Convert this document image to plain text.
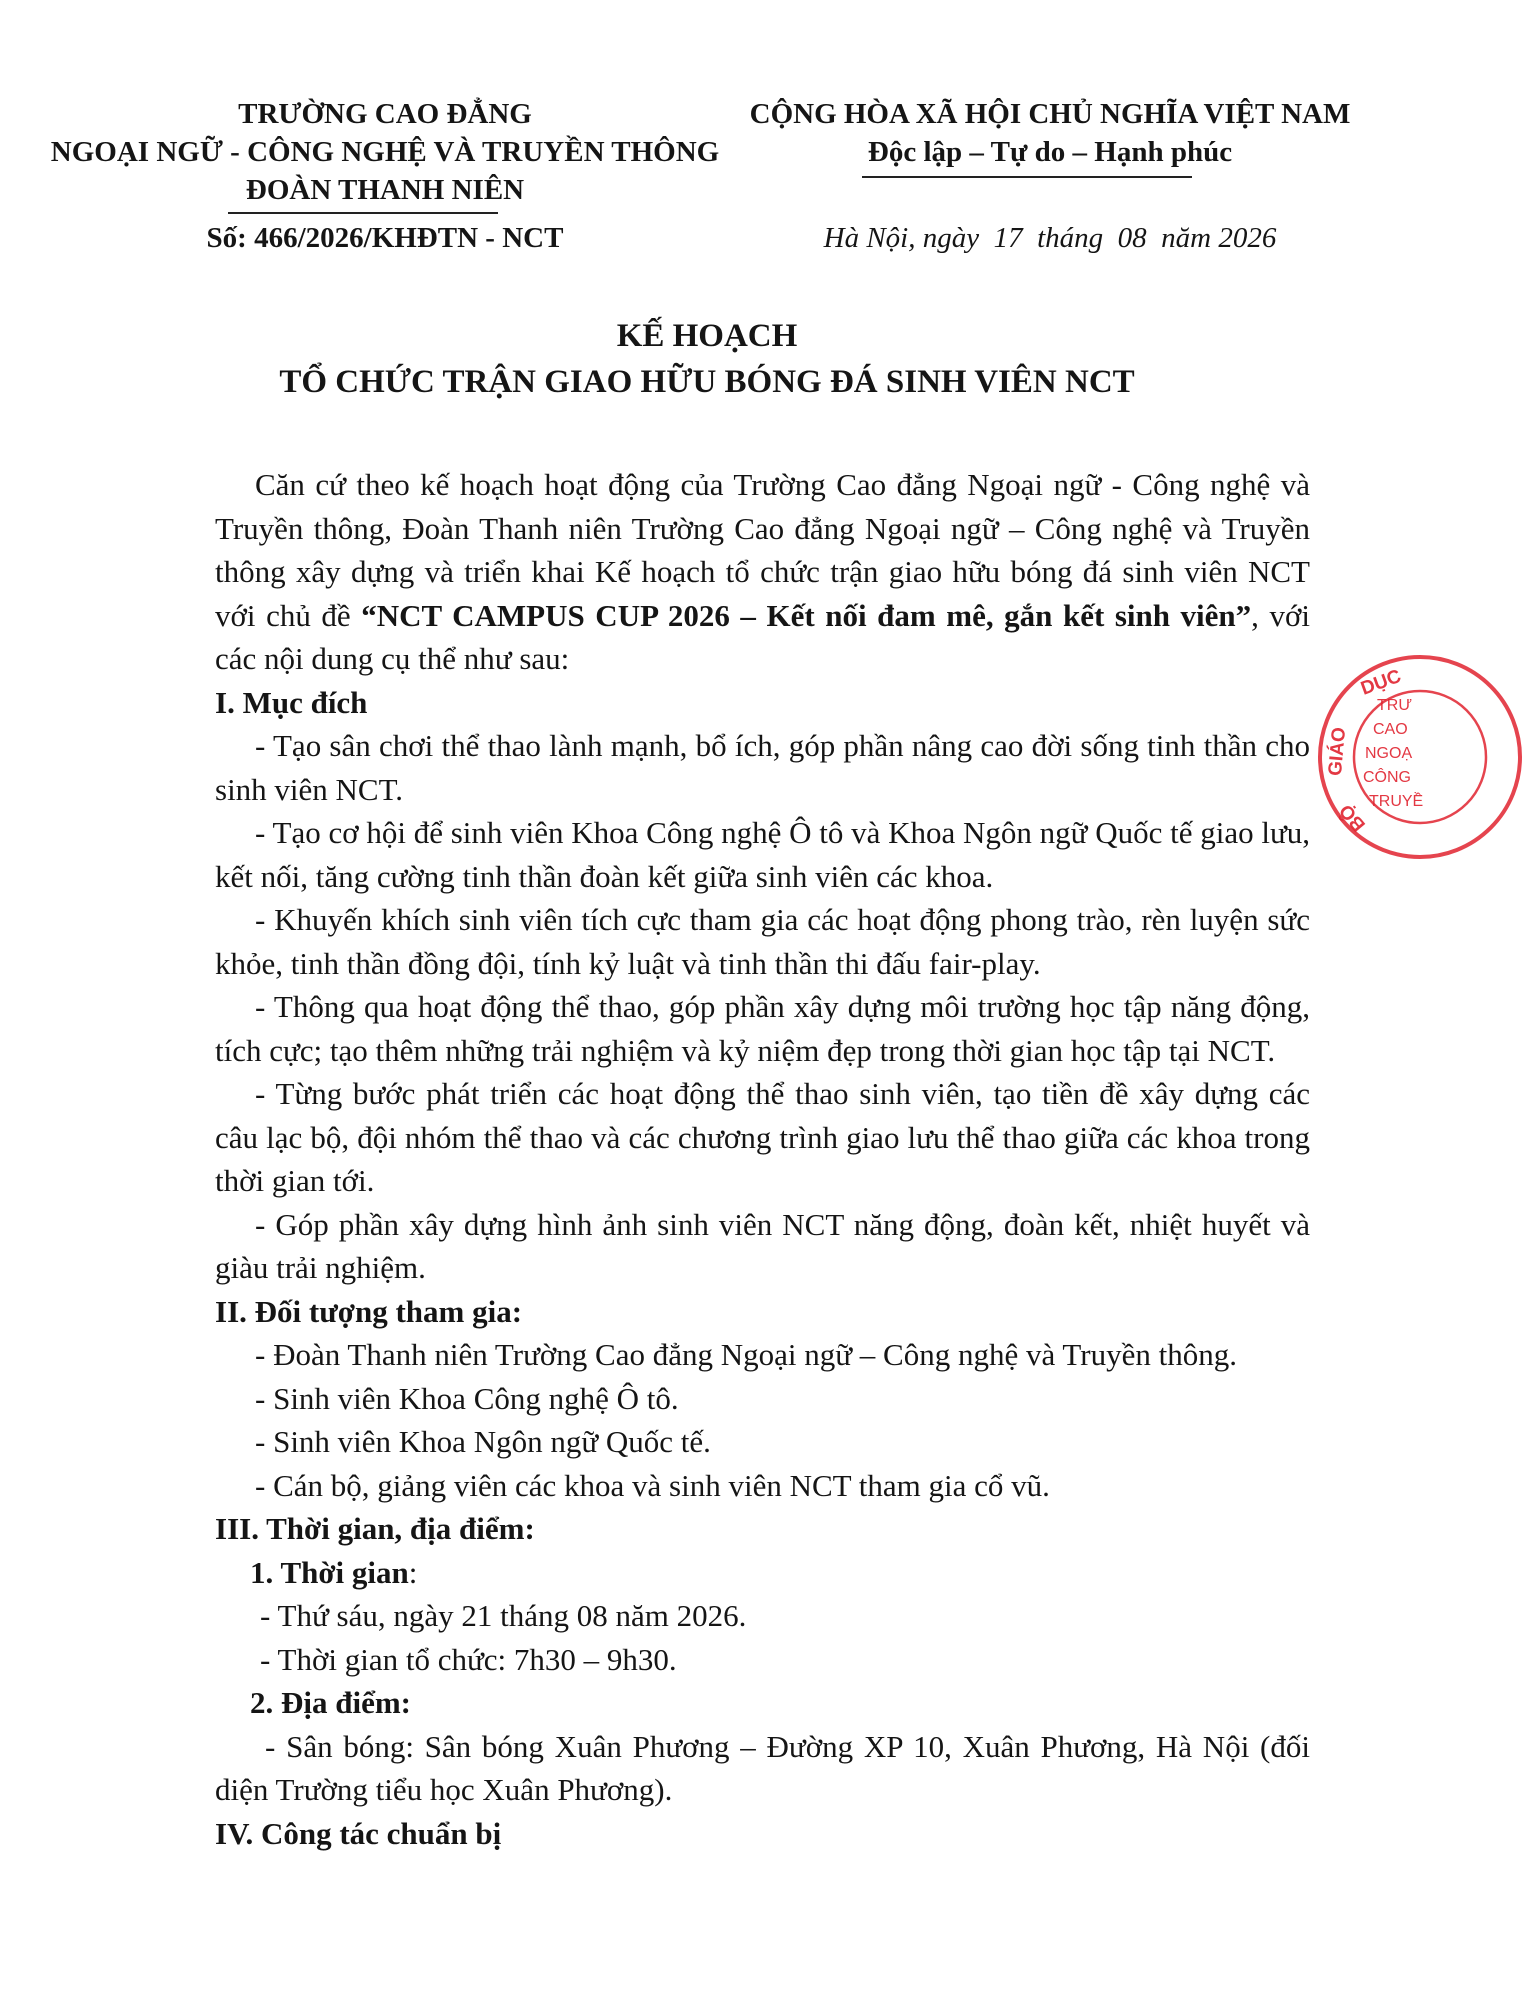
TRƯỜNG CAO ĐẲNG
NGOẠI NGỮ - CÔNG NGHỆ VÀ TRUYỀN THÔNG
ĐOÀN THANH NIÊN
Số: 466/2026/KHĐTN - NCT
CỘNG HÒA XÃ HỘI CHỦ NGHĨA VIỆT NAM
Độc lập – Tự do – Hạnh phúc
Hà Nội, ngày  17  tháng  08  năm 2026
KẾ HOẠCH
TỔ CHỨC TRẬN GIAO HỮU BÓNG ĐÁ SINH VIÊN NCT

Căn cứ theo kế hoạch hoạt động của Trường Cao đẳng Ngoại ngữ - Công nghệ và Truyền thông, Đoàn Thanh niên Trường Cao đẳng Ngoại ngữ – Công nghệ và Truyền thông xây dựng và triển khai Kế hoạch tổ chức trận giao hữu bóng đá sinh viên NCT với chủ đề “NCT CAMPUS CUP 2026 – Kết nối đam mê, gắn kết sinh viên”, với các nội dung cụ thể như sau:

I. Mục đích

- Tạo sân chơi thể thao lành mạnh, bổ ích, góp phần nâng cao đời sống tinh thần cho sinh viên NCT.

- Tạo cơ hội để sinh viên Khoa Công nghệ Ô tô và Khoa Ngôn ngữ Quốc tế giao lưu, kết nối, tăng cường tinh thần đoàn kết giữa sinh viên các khoa.

- Khuyến khích sinh viên tích cực tham gia các hoạt động phong trào, rèn luyện sức khỏe, tinh thần đồng đội, tính kỷ luật và tinh thần thi đấu fair-play.

- Thông qua hoạt động thể thao, góp phần xây dựng môi trường học tập năng động, tích cực; tạo thêm những trải nghiệm và kỷ niệm đẹp trong thời gian học tập tại NCT.

- Từng bước phát triển các hoạt động thể thao sinh viên, tạo tiền đề xây dựng các câu lạc bộ, đội nhóm thể thao và các chương trình giao lưu thể thao giữa các khoa trong thời gian tới.

- Góp phần xây dựng hình ảnh sinh viên NCT năng động, đoàn kết, nhiệt huyết và giàu trải nghiệm.

II. Đối tượng tham gia:

- Đoàn Thanh niên Trường Cao đẳng Ngoại ngữ – Công nghệ và Truyền thông.

- Sinh viên Khoa Công nghệ Ô tô.

- Sinh viên Khoa Ngôn ngữ Quốc tế.

- Cán bộ, giảng viên các khoa và sinh viên NCT tham gia cổ vũ.

III. Thời gian, địa điểm:

1. Thời gian:

- Thứ sáu, ngày 21 tháng 08 năm 2026.

- Thời gian tổ chức: 7h30 – 9h30.

2. Địa điểm:

- Sân bóng: Sân bóng Xuân Phương – Đường XP 10, Xuân Phương, Hà Nội (đối diện Trường tiểu học Xuân Phương).

IV. Công tác chuẩn bị

DỤC
GIÁO
BỘ
TRƯ
CAO
NGOẠ
CÔNG
TRUYỀ
